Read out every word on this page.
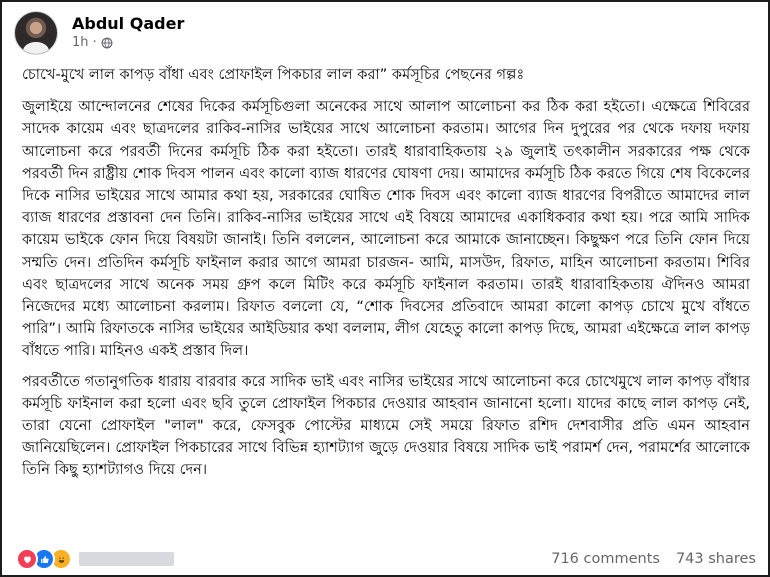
Abdul Qader
1h ·

চোখে-মুখে লাল কাপড় বাঁধা এবং প্রোফাইল পিকচার লাল করা” কর্মসূচির পেছনের গল্পঃ

জুলাইয়ে আন্দোলনের শেষের দিকের কর্মসূচিগুলা অনেকের সাথে আলাপ আলোচনা কর ঠিক করা হইতো। এক্ষেত্রে শিবিরের সাদেক কায়েম এবং ছাত্রদলের রাকিব-নাসির ভাইয়ের সাথে আলোচনা করতাম। আগের দিন দুপুরের পর থেকে দফায় দফায় আলোচনা করে পরবর্তী দিনের কর্মসূচি ঠিক করা হইতো। তারই ধারাবাহিকতায় ২৯ জুলাই তৎকালীন সরকারের পক্ষ থেকে পরবর্তী দিন রাষ্ট্রীয় শোক দিবস পালন এবং কালো ব্যাজ ধারণের ঘোষণা দেয়। আমাদের কর্মসূচি ঠিক করতে গিয়ে শেষ বিকেলের দিকে নাসির ভাইয়ের সাথে আমার কথা হয়, সরকারের ঘোষিত শোক দিবস এবং কালো ব্যাজ ধারণের বিপরীতে আমাদের লাল ব্যাজ ধারণের প্রস্তাবনা দেন তিনি। রাকিব-নাসির ভাইয়ের সাথে এই বিষয়ে আমাদের একাধিকবার কথা হয়। পরে আমি সাদিক কায়েম ভাইকে ফোন দিয়ে বিষয়টা জানাই। তিনি বললেন, আলোচনা করে আমাকে জানাচ্ছেন। কিছুক্ষণ পরে তিনি ফোন দিয়ে সম্মতি দেন। প্রতিদিন কর্মসূচি ফাইনাল করার আগে আমরা চারজন- আমি, মাসউদ, রিফাত, মাহিন আলোচনা করতাম। শিবির এবং ছাত্রদলের সাথে অনেক সময় গ্রুপ কলে মিটিং করে কর্মসূচি ফাইনাল করতাম। তারই ধারাবাহিকতায় ঐদিনও আমরা নিজেদের মধ্যে আলোচনা করলাম। রিফাত বললো যে, “শোক দিবসের প্রতিবাদে আমরা কালো কাপড় চোখে মুখে বাঁধতে পারি”। আমি রিফাতকে নাসির ভাইয়ের আইডিয়ার কথা বললাম, লীগ যেহেতু কালো কাপড় দিছে, আমরা এইক্ষেত্রে লাল কাপড় বাঁধতে পারি। মাহিনও একই প্রস্তাব দিল।

পরবর্তীতে গতানুগতিক ধারায় বারবার করে সাদিক ভাই এবং নাসির ভাইয়ের সাথে আলোচনা করে চোখেমুখে লাল কাপড় বাঁধার কর্মসূচি ফাইনাল করা হলো এবং ছবি তুলে প্রোফাইল পিকচার দেওয়ার আহবান জানানো হলো। যাদের কাছে লাল কাপড় নেই, তারা যেনো প্রোফাইল "লাল" করে, ফেসবুক পোস্টের মাধ্যমে সেই সময়ে রিফাত রশিদ দেশবাসীর প্রতি এমন আহবান জানিয়েছিলেন। প্রোফাইল পিকচারের সাথে বিভিন্ন হ্যাশট্যাগ জুড়ে দেওয়ার বিষয়ে সাদিক ভাই পরামর্শ দেন, পরামর্শের আলোকে তিনি কিছু হ্যাশট্যাগও দিয়ে দেন।

716 comments 743 shares
